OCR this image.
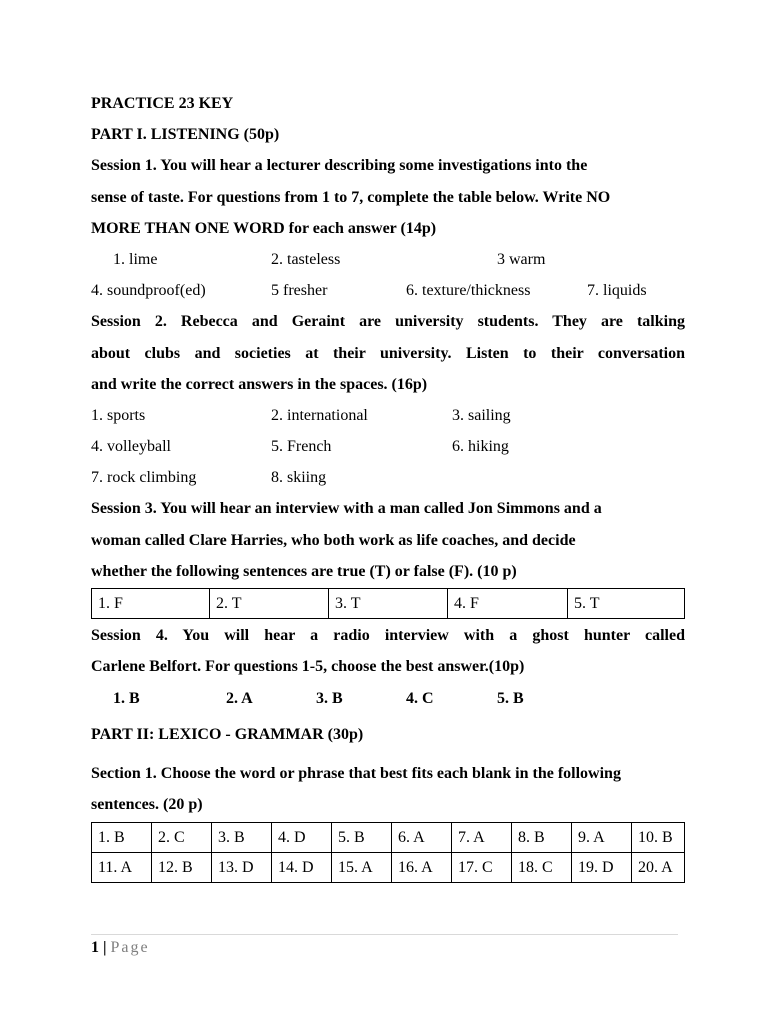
PRACTICE 23 KEY
PART I. LISTENING (50p)
Session 1. You will hear a lecturer describing some investigations into the
sense of taste. For questions from 1 to 7, complete the table below. Write NO
MORE THAN ONE WORD for each answer (14p)
1. lime	2. tasteless	3 warm
4. soundproof(ed)	5 fresher	6. texture/thickness	7. liquids
Session 2. Rebecca and Geraint are university students. They are talking
about clubs and societies at their university. Listen to their conversation
and write the correct answers in the spaces. (16p)
1. sports	2. international	3. sailing
4. volleyball	5. French	6. hiking
7. rock climbing	8. skiing
Session 3. You will hear an interview with a man called Jon Simmons and a
woman called Clare Harries, who both work as life coaches, and decide
whether the following sentences are true (T) or false (F). (10 p)
1. F	2. T	3. T	4. F	5. T
Session 4. You will hear a radio interview with a ghost hunter called
Carlene Belfort. For questions 1-5, choose the best answer.(10p)
1. B	2. A	3. B	4. C	5. B
PART II: LEXICO - GRAMMAR (30p)
Section 1. Choose the word or phrase that best fits each blank in the following
sentences. (20 p)
1. B	2. C	3. B	4. D	5. B	6. A	7. A	8. B	9. A	10. B
11. A	12. B	13. D	14. D	15. A	16. A	17. C	18. C	19. D	20. A
1 | Page
